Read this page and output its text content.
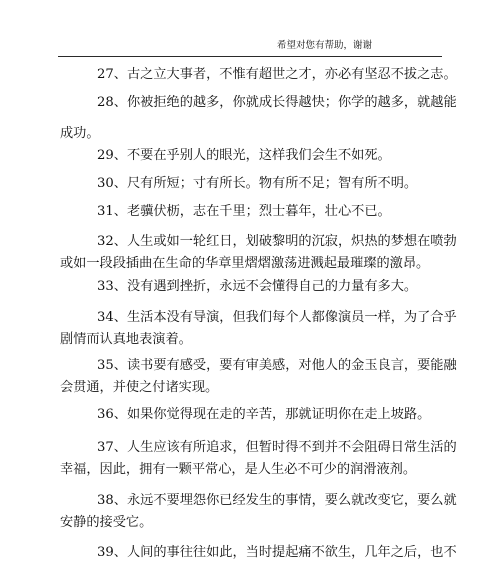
希望对您有帮助，谢谢
27、古之立大事者，不惟有超世之才，亦必有坚忍不拔之志。
28、你被拒绝的越多，你就成长得越快；你学的越多，就越能
成功。
29、不要在乎别人的眼光，这样我们会生不如死。
30、尺有所短；寸有所长。物有所不足；智有所不明。
31、老骥伏枥，志在千里；烈士暮年，壮心不已。
32、人生或如一轮红日，划破黎明的沉寂，炽热的梦想在喷勃
或如一段段插曲在生命的华章里熠熠激荡进溅起最璀璨的激昂。
33、没有遇到挫折，永远不会懂得自己的力量有多大。
34、生活本没有导演，但我们每个人都像演员一样，为了合乎
剧情而认真地表演着。
35、读书要有感受，要有审美感，对他人的金玉良言，要能融
会贯通，并使之付诸实现。
36、如果你觉得现在走的辛苦，那就证明你在走上坡路。
37、人生应该有所追求，但暂时得不到并不会阻碍日常生活的
幸福，因此，拥有一颗平常心，是人生必不可少的润滑液剂。
38、永远不要埋怨你已经发生的事情，要么就改变它，要么就
安静的接受它。
39、人间的事往往如此，当时提起痛不欲生，几年之后，也不
